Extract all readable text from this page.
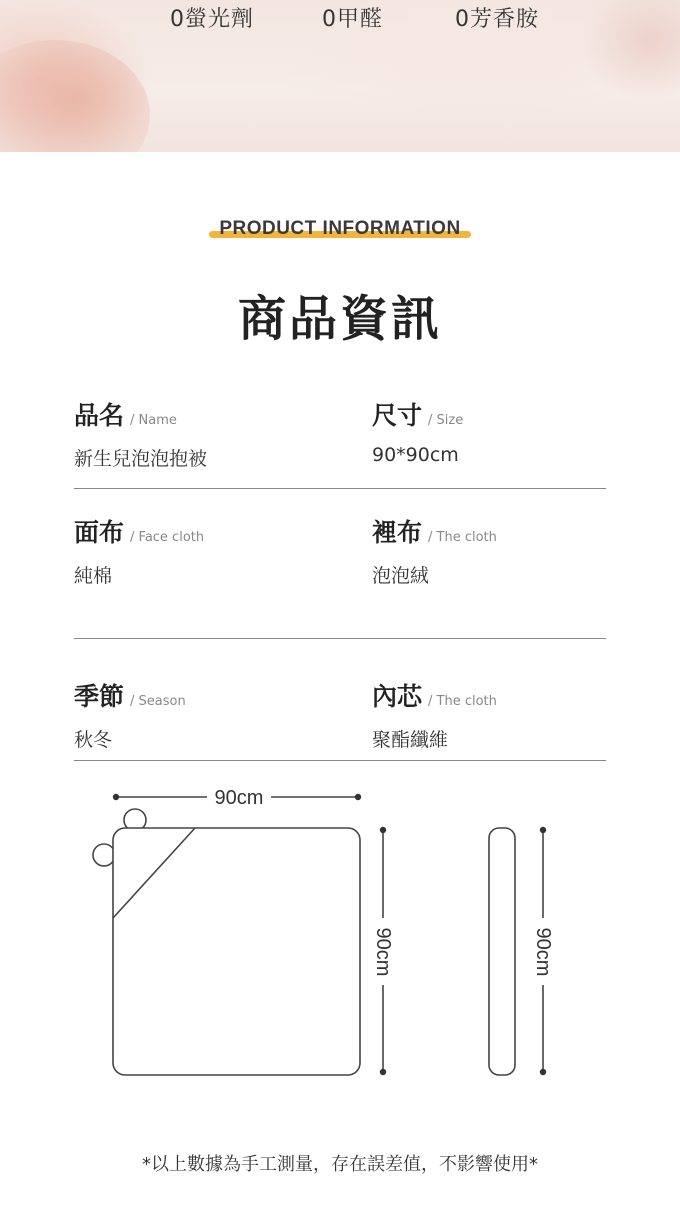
0螢光劑	0甲醛	0芳香胺
PRODUCT INFORMATION
商品資訊
品名 / Name
新生兒泡泡抱被
尺寸 / Size
90*90cm
面布 / Face cloth
純棉
裡布 / The cloth
泡泡絨
季節 / Season
秋冬
內芯 / The cloth
聚酯纖維
90cm
90cm	90cm
*以上數據為手工測量，存在誤差值，不影響使用*
